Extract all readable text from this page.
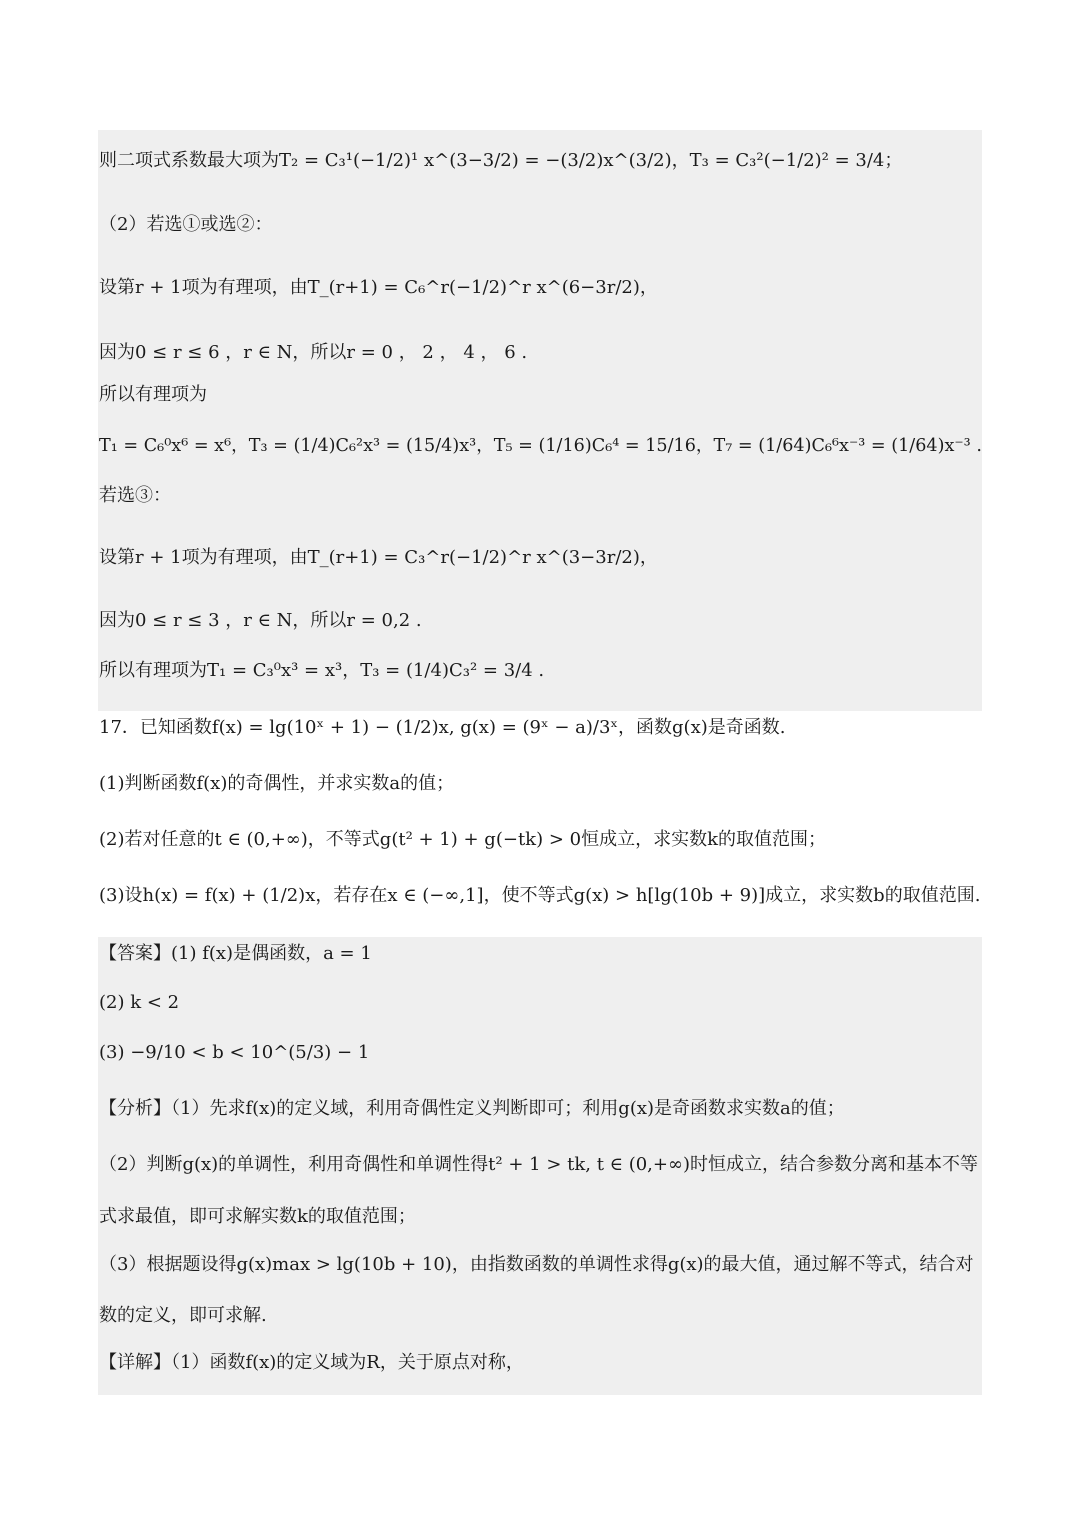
则二项式系数最大项为T₂ = C₃¹(−1/2)¹ x^(3−3/2) = −(3/2)x^(3/2)，T₃ = C₃²(−1/2)² = 3/4；
（2）若选①或选②：
设第r + 1项为有理项，由T_(r+1) = C₆^r(−1/2)^r x^(6−3r/2)，
因为0 ≤ r ≤ 6 ，r ∈ N，所以r = 0 ， 2 ， 4 ， 6 .
所以有理项为
T₁ = C₆⁰x⁶ = x⁶，T₃ = (1/4)C₆²x³ = (15/4)x³，T₅ = (1/16)C₆⁴ = 15/16，T₇ = (1/64)C₆⁶x⁻³ = (1/64)x⁻³ .
若选③：
设第r + 1项为有理项，由T_(r+1) = C₃^r(−1/2)^r x^(3−3r/2)，
因为0 ≤ r ≤ 3 ，r ∈ N，所以r = 0,2 .
所以有理项为T₁ = C₃⁰x³ = x³，T₃ = (1/4)C₃² = 3/4 .
17．已知函数f(x) = lg(10ˣ + 1) − (1/2)x, g(x) = (9ˣ − a)/3ˣ，函数g(x)是奇函数.
(1)判断函数f(x)的奇偶性，并求实数a的值；
(2)若对任意的t ∈ (0,+∞)，不等式g(t² + 1) + g(−tk) > 0恒成立，求实数k的取值范围；
(3)设h(x) = f(x) + (1/2)x，若存在x ∈ (−∞,1]，使不等式g(x) > h[lg(10b + 9)]成立，求实数b的取值范围.
【答案】(1) f(x)是偶函数，a = 1
(2) k < 2
(3) −9/10 < b < 10^(5/3) − 1
【分析】（1）先求f(x)的定义域，利用奇偶性定义判断即可；利用g(x)是奇函数求实数a的值；
（2）判断g(x)的单调性，利用奇偶性和单调性得t² + 1 > tk, t ∈ (0,+∞)时恒成立，结合参数分离和基本不等
式求最值，即可求解实数k的取值范围；
（3）根据题设得g(x)max > lg(10b + 10)，由指数函数的单调性求得g(x)的最大值，通过解不等式，结合对
数的定义，即可求解.
【详解】（1）函数f(x)的定义域为R，关于原点对称，
